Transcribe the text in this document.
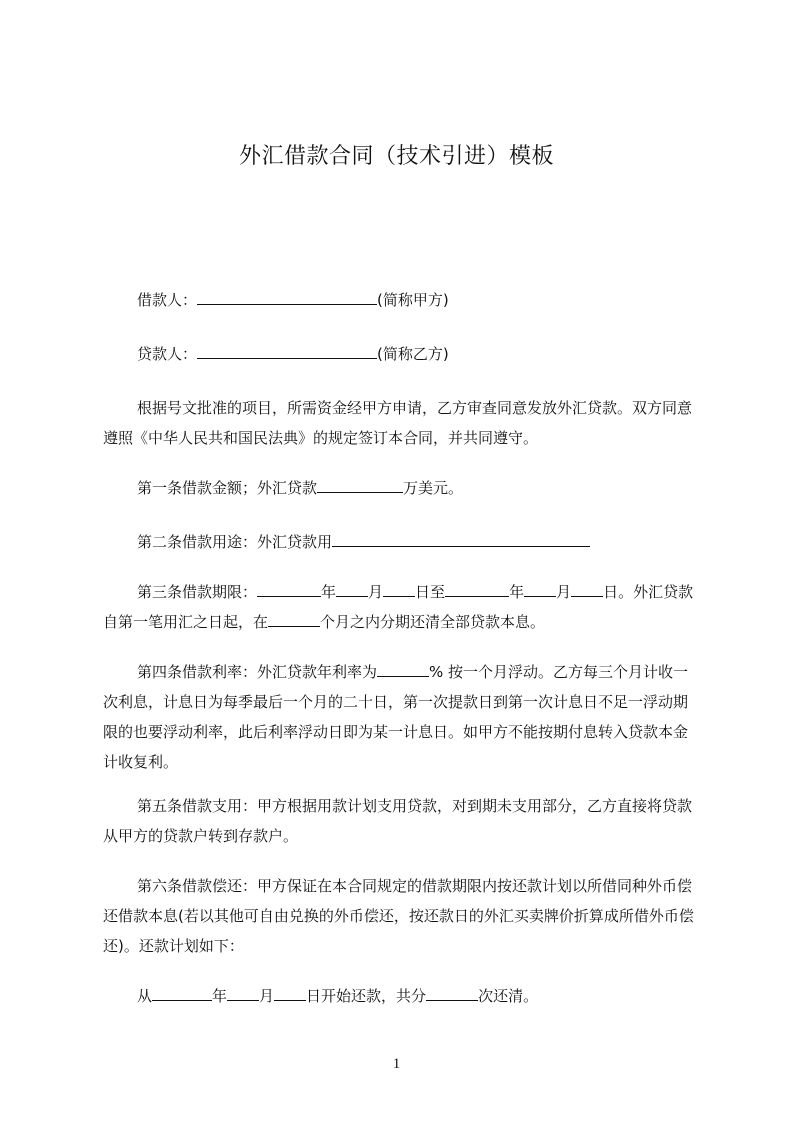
外汇借款合同（技术引进）模板

借款人：	(简称甲方)

贷款人：	(简称乙方)

根据号文批准的项目，所需资金经甲方申请，乙方审查同意发放外汇贷款。双方同意遵照《中华人民共和国民法典》的规定签订本合同，并共同遵守。

第一条借款金额；外汇贷款	万美元。

第二条借款用途：外汇贷款用

第三条借款期限：	年 月 日至	年 月 日。外汇贷款自第一笔用汇之日起，在	个月之内分期还清全部贷款本息。

第四条借款利率：外汇贷款年利率为	% 按一个月浮动。乙方每三个月计收一次利息，计息日为每季最后一个月的二十日，第一次提款日到第一次计息日不足一浮动期限的也要浮动利率，此后利率浮动日即为某一计息日。如甲方不能按期付息转入贷款本金计收复利。

第五条借款支用：甲方根据用款计划支用贷款，对到期未支用部分，乙方直接将贷款从甲方的贷款户转到存款户。

第六条借款偿还：甲方保证在本合同规定的借款期限内按还款计划以所借同种外币偿还借款本息(若以其他可自由兑换的外币偿还，按还款日的外汇买卖牌价折算成所借外币偿还)。还款计划如下：

从	年 月 日开始还款，共分	次还清。

1
